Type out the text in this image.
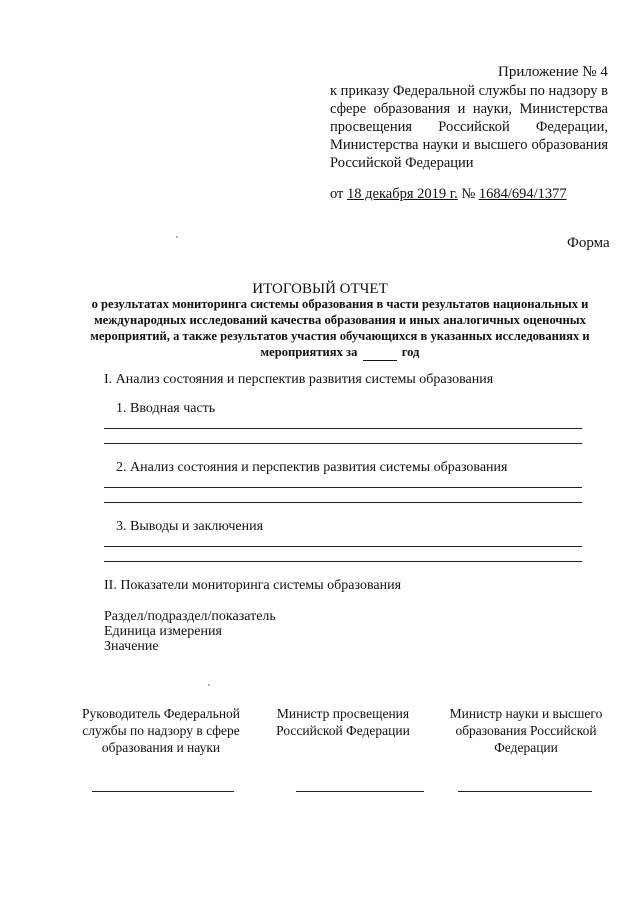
Приложение № 4
к приказу Федеральной службы по надзору в сфере образования и науки, Министерства просвещения Российской Федерации, Министерства науки и высшего образования Российской Федерации
от 18 декабря 2019 г. № 1684/694/1377
Форма
ИТОГОВЫЙ ОТЧЕТ
о результатах мониторинга системы образования в части результатов национальных и международных исследований качества образования и иных аналогичных оценочных мероприятий, а также результатов участия обучающихся в указанных исследованиях и мероприятиях за	год
I. Анализ состояния и перспектив развития системы образования
1. Вводная часть
2. Анализ состояния и перспектив развития системы образования
3. Выводы и заключения
II. Показатели мониторинга системы образования
Раздел/подраздел/показатель
Единица измерения
Значение
Руководитель Федеральной службы по надзору в сфере образования и науки
Министр просвещения Российской Федерации
Министр науки и высшего образования Российской Федерации
